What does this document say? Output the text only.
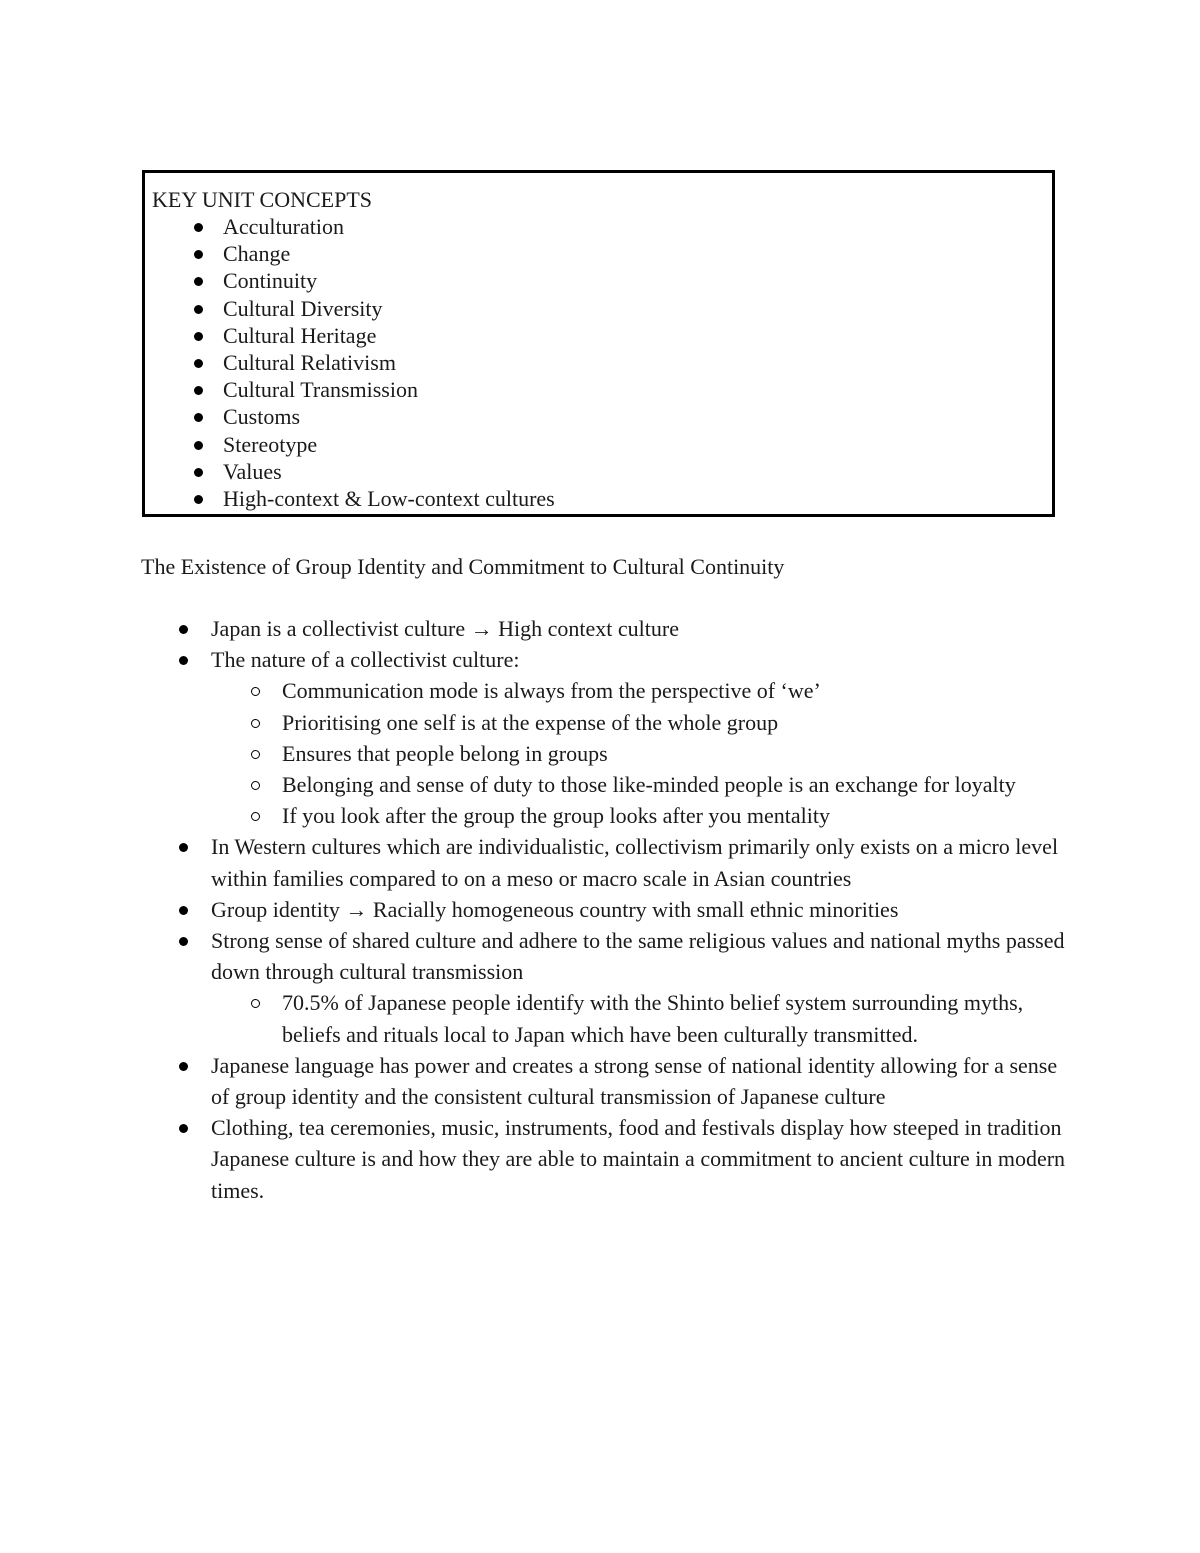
KEY UNIT CONCEPTS

Acculturation
Change
Continuity
Cultural Diversity
Cultural Heritage
Cultural Relativism
Cultural Transmission
Customs
Stereotype
Values
High-context & Low-context cultures

The Existence of Group Identity and Commitment to Cultural Continuity

Japan is a collectivist culture → High context culture
The nature of a collectivist culture:
Communication mode is always from the perspective of ‘we’
Prioritising one self is at the expense of the whole group
Ensures that people belong in groups
Belonging and sense of duty to those like-minded people is an exchange for loyalty
If you look after the group the group looks after you mentality
In Western cultures which are individualistic, collectivism primarily only exists on a micro level within families compared to on a meso or macro scale in Asian countries
Group identity → Racially homogeneous country with small ethnic minorities
Strong sense of shared culture and adhere to the same religious values and national myths passed down through cultural transmission
70.5% of Japanese people identify with the Shinto belief system surrounding myths, beliefs and rituals local to Japan which have been culturally transmitted.
Japanese language has power and creates a strong sense of national identity allowing for a sense of group identity and the consistent cultural transmission of Japanese culture
Clothing, tea ceremonies, music, instruments, food and festivals display how steeped in tradition Japanese culture is and how they are able to maintain a commitment to ancient culture in modern times.
